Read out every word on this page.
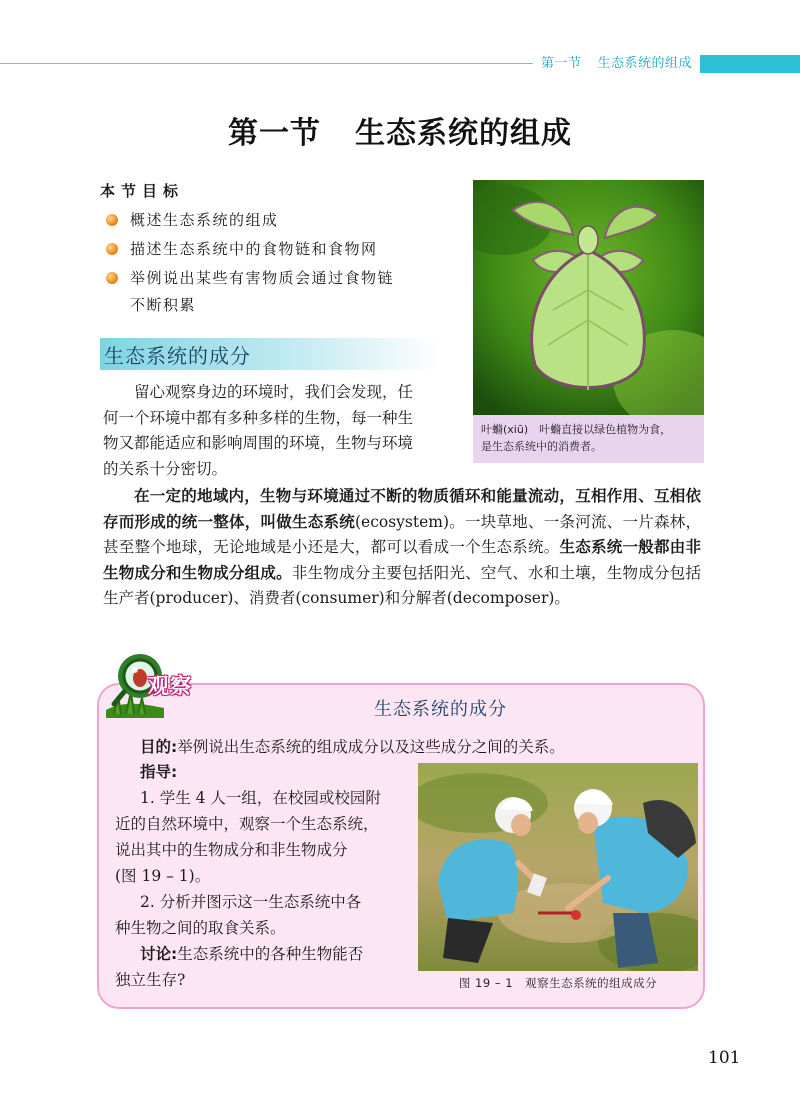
第一节 生态系统的组成
第一节 生态系统的组成
本节目标
概述生态系统的组成
描述生态系统中的食物链和食物网
举例说出某些有害物质会通过食物链
不断积累
叶䗛(xiū)　叶䗛直接以绿色植物为食，
是生态系统中的消费者。
生态系统的成分
留心观察身边的环境时，我们会发现，任
何一个环境中都有多种多样的生物，每一种生
物又都能适应和影响周围的环境，生物与环境
的关系十分密切。
在一定的地域内，生物与环境通过不断的物质循环和能量流动，互相作用、互相依存而形成的统一整体，叫做生态系统(ecosystem)。一块草地、一条河流、一片森林，甚至整个地球，无论地域是小还是大，都可以看成一个生态系统。生态系统一般都由非生物成分和生物成分组成。非生物成分主要包括阳光、空气、水和土壤，生物成分包括生产者(producer)、消费者(consumer)和分解者(decomposer)。
观察
生态系统的成分
目的:举例说出生态系统的组成成分以及这些成分之间的关系。
指导:
1. 学生 4 人一组，在校园或校园附
近的自然环境中，观察一个生态系统，
说出其中的生物成分和非生物成分
(图 19 – 1)。
2. 分析并图示这一生态系统中各
种生物之间的取食关系。
讨论:生态系统中的各种生物能否
独立生存?	图 19 – 1　观察生态系统的组成成分
101
